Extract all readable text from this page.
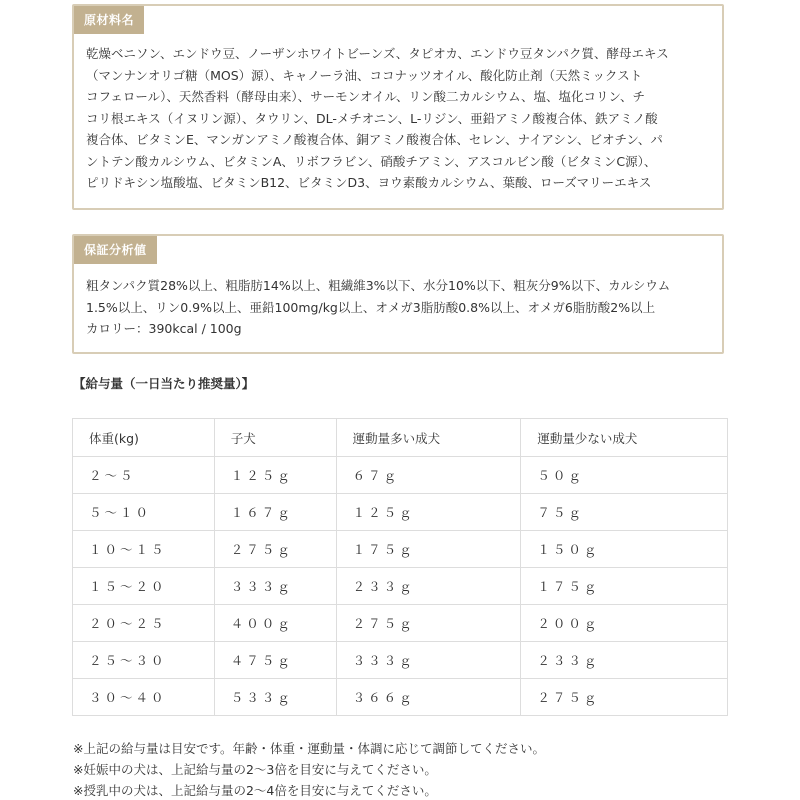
原材料名
乾燥ベニソン、エンドウ豆、ノーザンホワイトビーンズ、タピオカ、エンドウ豆タンパク質、酵母エキス
（マンナンオリゴ糖（MOS）源）、キャノーラ油、ココナッツオイル、酸化防止剤（天然ミックスト
コフェロール）、天然香料（酵母由来）、サーモンオイル、リン酸二カルシウム、塩、塩化コリン、チ
コリ根エキス（イヌリン源）、タウリン、DL-メチオニン、L-リジン、亜鉛アミノ酸複合体、鉄アミノ酸
複合体、ビタミンE、マンガンアミノ酸複合体、銅アミノ酸複合体、セレン、ナイアシン、ビオチン、パ
ントテン酸カルシウム、ビタミンA、リボフラビン、硝酸チアミン、アスコルビン酸（ビタミンC源）、
ピリドキシン塩酸塩、ビタミンB12、ビタミンD3、ヨウ素酸カルシウム、葉酸、ローズマリーエキス
保証分析値
粗タンパク質28%以上、粗脂肪14%以上、粗繊維3%以下、水分10%以下、粗灰分9%以下、カルシウム
1.5%以上、リン0.9%以上、亜鉛100mg/kg以上、オメガ3脂肪酸0.8%以上、オメガ6脂肪酸2%以上
カロリー：390kcal / 100g
【給与量（一日当たり推奨量）】
体重(kg)	子犬	運動量多い成犬	運動量少ない成犬
２～５	１２５ｇ	６７ｇ	５０ｇ
５～１０	１６７ｇ	１２５ｇ	７５ｇ
１０～１５	２７５ｇ	１７５ｇ	１５０ｇ
１５～２０	３３３ｇ	２３３ｇ	１７５ｇ
２０～２５	４００ｇ	２７５ｇ	２００ｇ
２５～３０	４７５ｇ	３３３ｇ	２３３ｇ
３０～４０	５３３ｇ	３６６ｇ	２７５ｇ
※上記の給与量は目安です。年齢・体重・運動量・体調に応じて調節してください。
※妊娠中の犬は、上記給与量の2～3倍を目安に与えてください。
※授乳中の犬は、上記給与量の2～4倍を目安に与えてください。
